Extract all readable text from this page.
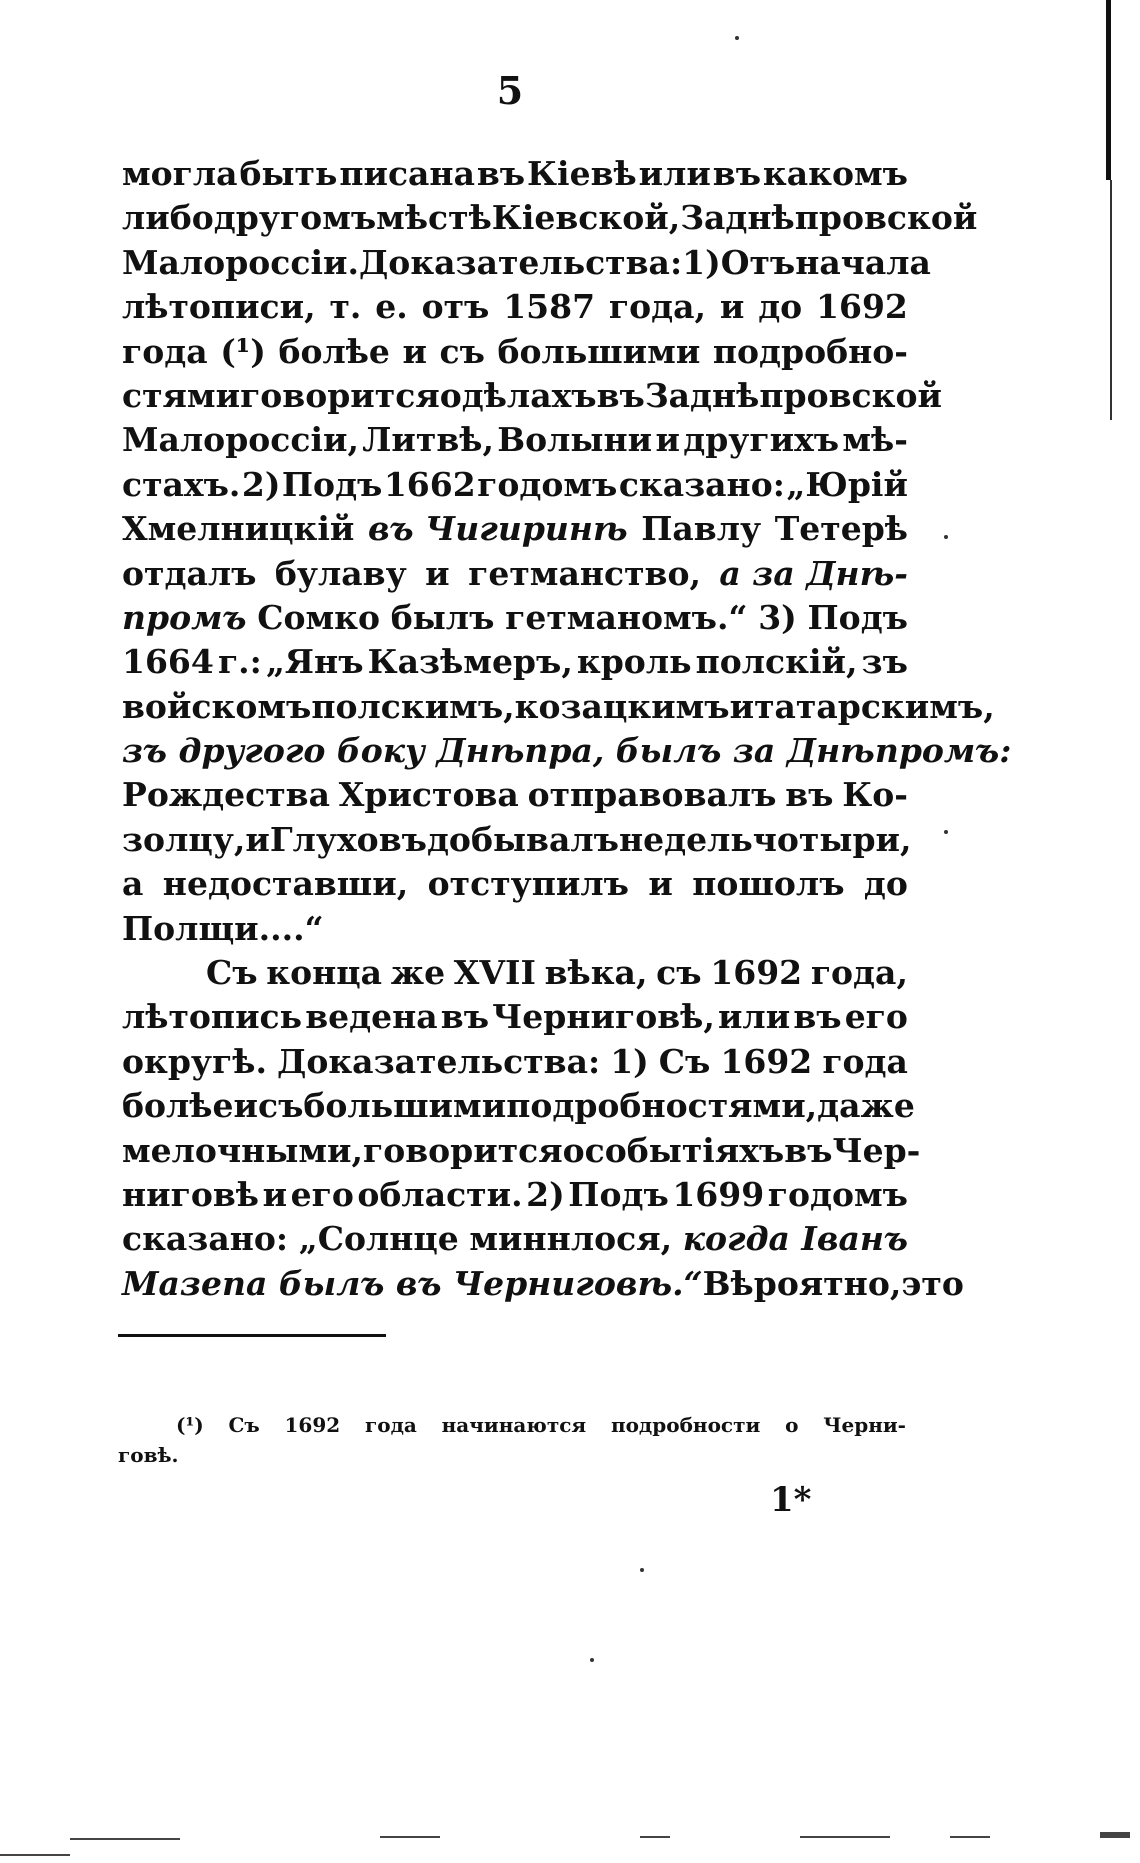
5
могла быть писана въ Кіевѣ или въ какомъ
либо другомъ мѣстѣ Кіевской, Заднѣпровской
Малороссіи. Доказательства: 1) Отъ начала
лѣтописи, т. е. отъ 1587 года, и до 1692
года (¹) болѣе и съ большими подробно-
стями говорится о дѣлахъ въ Заднѣпровской
Малороссіи, Литвѣ, Волыни и другихъ мѣ-
стахъ. 2) Подъ 1662 годомъ сказано: „Юрій
Хмелницкій въ Чигиринѣ Павлу Тетерѣ
отдалъ булаву и гетманство, а за Днѣ-
промъ Сомко былъ гетманомъ.“ 3) Подъ
1664 г.: „Янъ Казѣмеръ, кроль полскій, зъ
войскомъ полскимъ, козацкимъ и татарскимъ,
зъ другого боку Днѣпра, былъ за Днѣпромъ:
Рождества Христова отправовалъ въ Ко-
золцу, и Глуховъ добывалъ недель чотыри,
а недоставши, отступилъ и пошолъ до
Полщи....“
Съ конца же XVII вѣка, съ 1692 года,
лѣтопись ведена въ Черниговѣ, или въ его
округѣ. Доказательства: 1) Съ 1692 года
болѣе и съ большими подробностями, даже
мелочными, говорится о событіяхъ въ Чер-
ниговѣ и его области. 2) Подъ 1699 годомъ
сказано: „Солнце миннлося, когда Іванъ
Мазепа былъ въ Черниговѣ.“ Вѣроятно, это
(¹) Съ 1692 года начинаются подробности о Черни-
говѣ.
1*
